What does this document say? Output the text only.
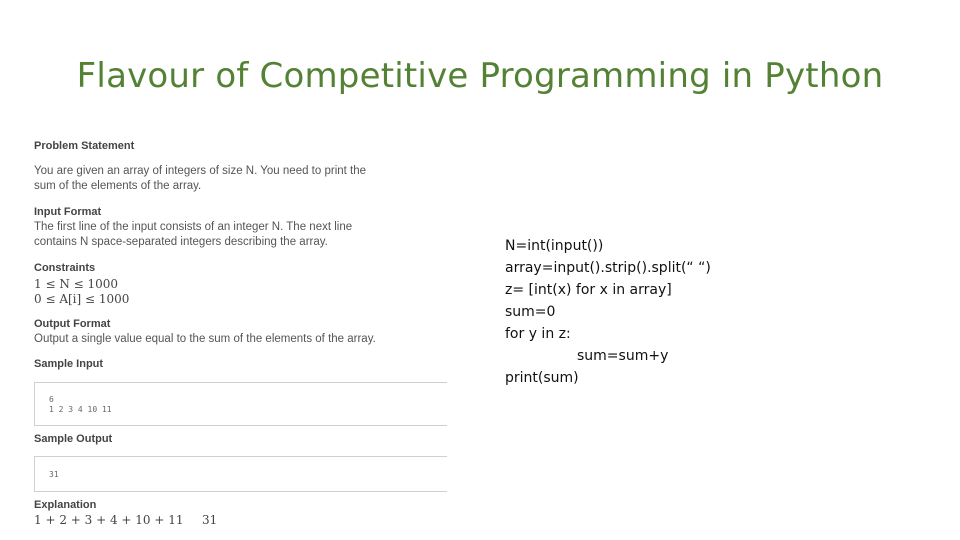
Flavour of Competitive Programming in Python
Problem Statement
You are given an array of integers of size N. You need to print the
sum of the elements of the array.
Input Format
The first line of the input consists of an integer N. The next line
contains N space-separated integers describing the array.
Constraints
1 ≤ N ≤ 1000
0 ≤ A[i] ≤ 1000
Output Format
Output a single value equal to the sum of the elements of the array.
Sample Input
6
1 2 3 4 10 11
Sample Output
31
Explanation
1 + 2 + 3 + 4 + 10 + 11 31
N=int(input())
array=input().strip().split(“ “)
z= [int(x) for x in array]
sum=0
for y in z:
sum=sum+y
print(sum)
